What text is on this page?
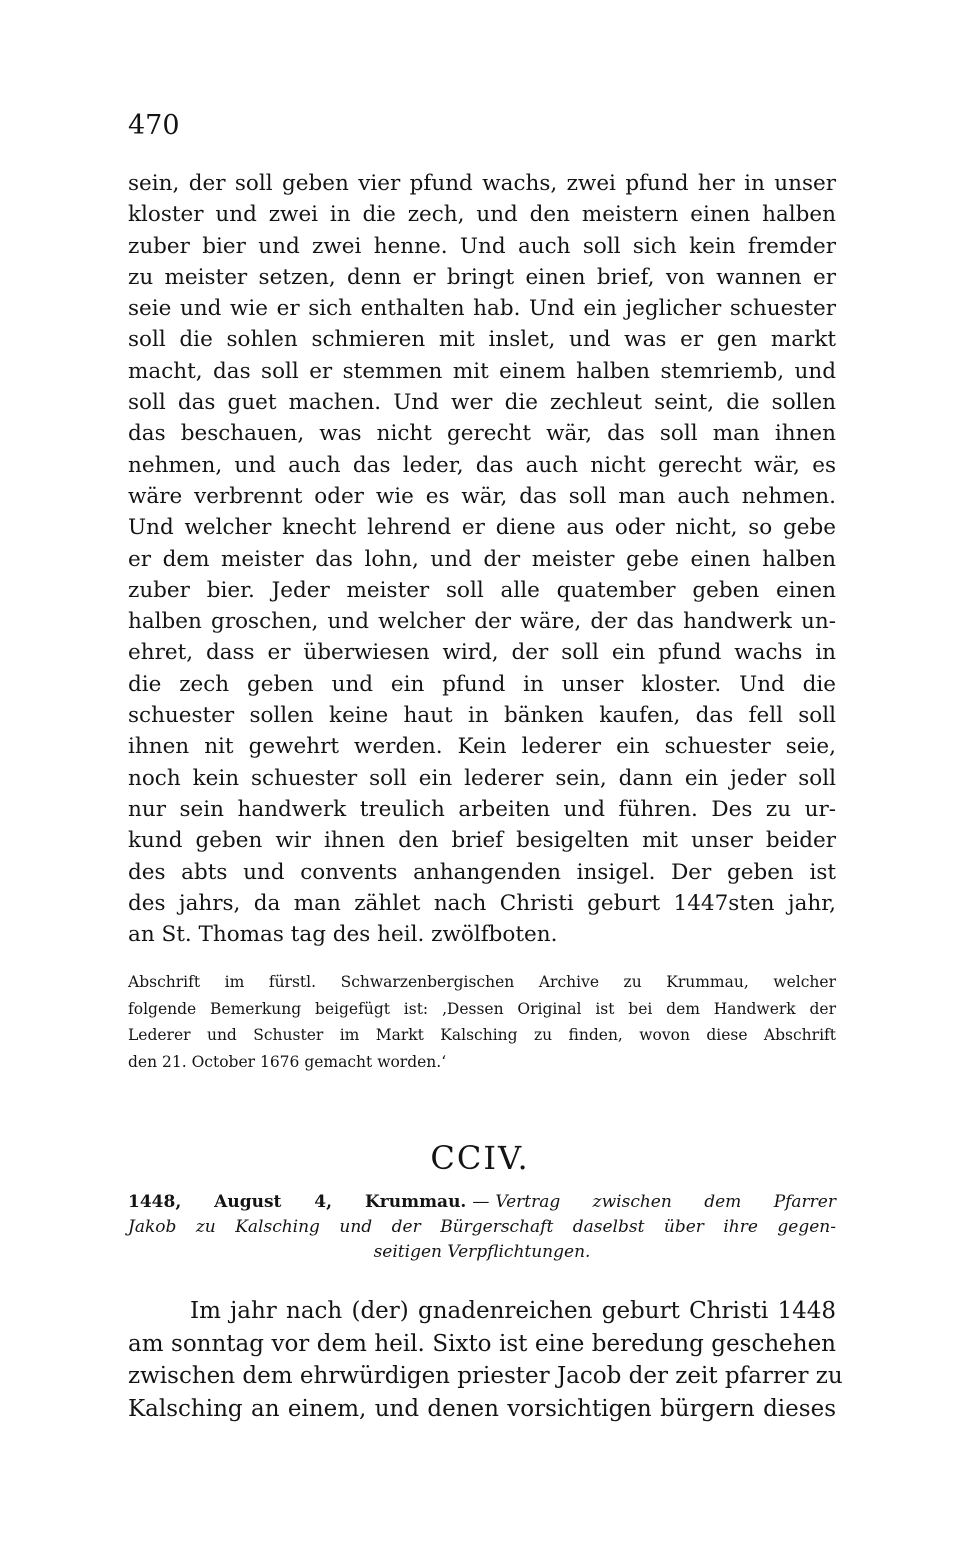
470
sein, der soll geben vier pfund wachs, zwei pfund her in unser
kloster und zwei in die zech, und den meistern einen halben
zuber bier und zwei henne. Und auch soll sich kein fremder
zu meister setzen, denn er bringt einen brief, von wannen er
seie und wie er sich enthalten hab. Und ein jeglicher schuester
soll die sohlen schmieren mit inslet, und was er gen markt
macht, das soll er stemmen mit einem halben stemriemb, und
soll das guet machen. Und wer die zechleut seint, die sollen
das beschauen, was nicht gerecht wär, das soll man ihnen
nehmen, und auch das leder, das auch nicht gerecht wär, es
wäre verbrennt oder wie es wär, das soll man auch nehmen.
Und welcher knecht lehrend er diene aus oder nicht, so gebe
er dem meister das lohn, und der meister gebe einen halben
zuber bier. Jeder meister soll alle quatember geben einen
halben groschen, und welcher der wäre, der das handwerk un-
ehret, dass er überwiesen wird, der soll ein pfund wachs in
die zech geben und ein pfund in unser kloster. Und die
schuester sollen keine haut in bänken kaufen, das fell soll
ihnen nit gewehrt werden. Kein lederer ein schuester seie,
noch kein schuester soll ein lederer sein, dann ein jeder soll
nur sein handwerk treulich arbeiten und führen. Des zu ur-
kund geben wir ihnen den brief besigelten mit unser beider
des abts und convents anhangenden insigel. Der geben ist
des jahrs, da man zählet nach Christi geburt 1447sten jahr,
an St. Thomas tag des heil. zwölfboten.
Abschrift im fürstl. Schwarzenbergischen Archive zu Krummau, welcher
folgende Bemerkung beigefügt ist: ‚Dessen Original ist bei dem Handwerk der
Lederer und Schuster im Markt Kalsching zu finden, wovon diese Abschrift
den 21. October 1676 gemacht worden.‘
CCIV.
1448, August 4, Krummau. — Vertrag zwischen dem Pfarrer
Jakob zu Kalsching und der Bürgerschaft daselbst über ihre gegen-
seitigen Verpflichtungen.
Im jahr nach (der) gnadenreichen geburt Christi 1448
am sonntag vor dem heil. Sixto ist eine beredung geschehen
zwischen dem ehrwürdigen priester Jacob der zeit pfarrer zu
Kalsching an einem, und denen vorsichtigen bürgern dieses
